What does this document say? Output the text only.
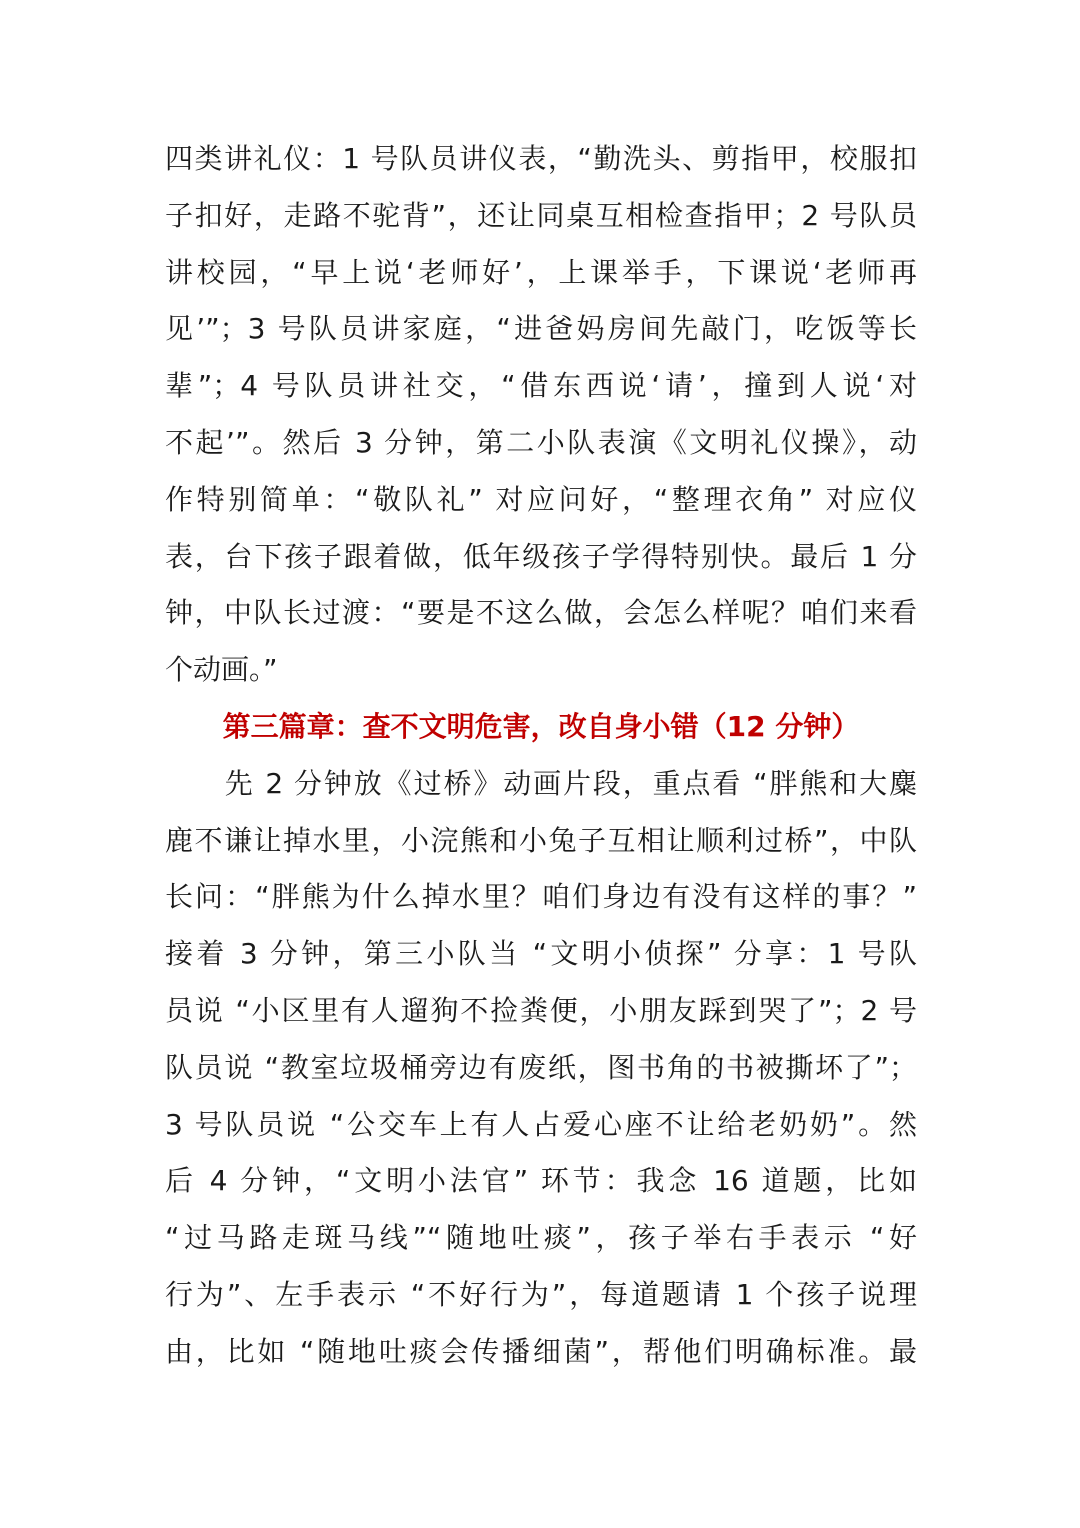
四类讲礼仪：1 号队员讲仪表，“勤洗头、剪指甲，校服扣
子扣好，走路不驼背”，还让同桌互相检查指甲；2 号队员
讲校园，“早上说‘老师好’，上课举手，下课说‘老师再
见’”；3 号队员讲家庭，“进爸妈房间先敲门，吃饭等长
辈”；4 号队员讲社交，“借东西说‘请’，撞到人说‘对
不起’”。然后 3 分钟，第二小队表演《文明礼仪操》，动
作特别简单：“敬队礼” 对应问好，“整理衣角” 对应仪
表，台下孩子跟着做，低年级孩子学得特别快。最后 1 分
钟，中队长过渡：“要是不这么做，会怎么样呢？咱们来看
个动画。”
第三篇章：查不文明危害，改自身小错（12 分钟）
　　先 2 分钟放《过桥》动画片段，重点看 “胖熊和大麋
鹿不谦让掉水里，小浣熊和小兔子互相让顺利过桥”，中队
长问：“胖熊为什么掉水里？咱们身边有没有这样的事？”
接着 3 分钟，第三小队当 “文明小侦探” 分享：1 号队
员说 “小区里有人遛狗不捡粪便，小朋友踩到哭了”；2 号
队员说 “教室垃圾桶旁边有废纸，图书角的书被撕坏了”；
3 号队员说 “公交车上有人占爱心座不让给老奶奶”。然
后 4 分钟，“文明小法官” 环节：我念 16 道题，比如
“过马路走斑马线”“随地吐痰”，孩子举右手表示 “好
行为”、左手表示 “不好行为”，每道题请 1 个孩子说理
由，比如 “随地吐痰会传播细菌”，帮他们明确标准。最
